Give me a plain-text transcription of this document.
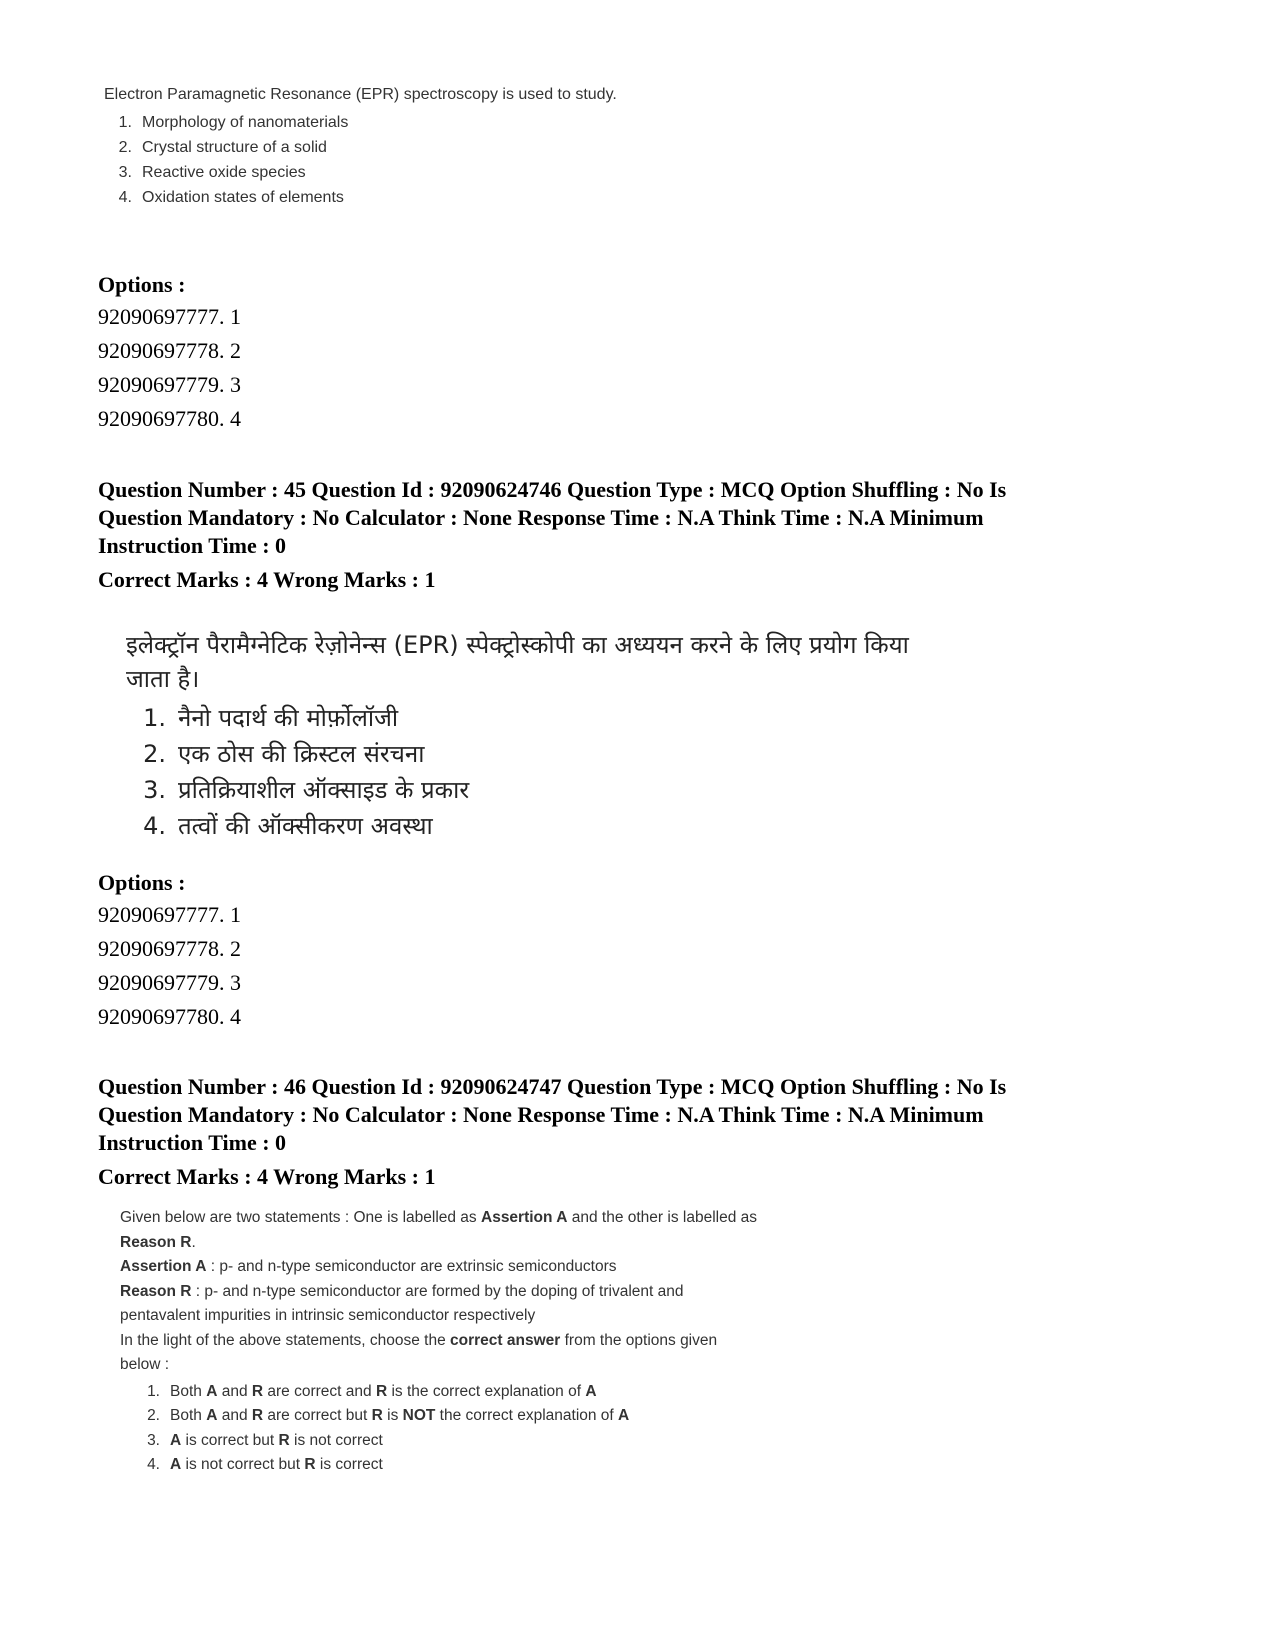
Electron Paramagnetic Resonance (EPR) spectroscopy is used to study.

1. Morphology of nanomaterials
2. Crystal structure of a solid
3. Reactive oxide species
4. Oxidation states of elements
Options :
92090697777. 1
92090697778. 2
92090697779. 3
92090697780. 4
Question Number : 45 Question Id : 92090624746 Question Type : MCQ Option Shuffling : No Is
Question Mandatory : No Calculator : None Response Time : N.A Think Time : N.A Minimum
Instruction Time : 0
Correct Marks : 4 Wrong Marks : 1

इलेक्ट्रॉन पैरामैग्नेटिक रेज़ोनेन्स (EPR) स्पेक्ट्रोस्कोपी का अध्ययन करने के लिए प्रयोग किया
जाता है।

1. नैनो पदार्थ की मोर्फ़ोलॉजी
2. एक ठोस की क्रिस्टल संरचना
3. प्रतिक्रियाशील ऑक्साइड के प्रकार
4. तत्वों की ऑक्सीकरण अवस्था
Options :
92090697777. 1
92090697778. 2
92090697779. 3
92090697780. 4
Question Number : 46 Question Id : 92090624747 Question Type : MCQ Option Shuffling : No Is
Question Mandatory : No Calculator : None Response Time : N.A Think Time : N.A Minimum
Instruction Time : 0
Correct Marks : 4 Wrong Marks : 1

Given below are two statements : One is labelled as Assertion A and the other is labelled as Reason R.

Assertion A : p- and n-type semiconductor are extrinsic semiconductors

Reason R : p- and n-type semiconductor are formed by the doping of trivalent and pentavalent impurities in intrinsic semiconductor respectively

In the light of the above statements, choose the correct answer from the options given below :

1. Both A and R are correct and R is the correct explanation of A
2. Both A and R are correct but R is NOT the correct explanation of A
3. A is correct but R is not correct
4. A is not correct but R is correct
